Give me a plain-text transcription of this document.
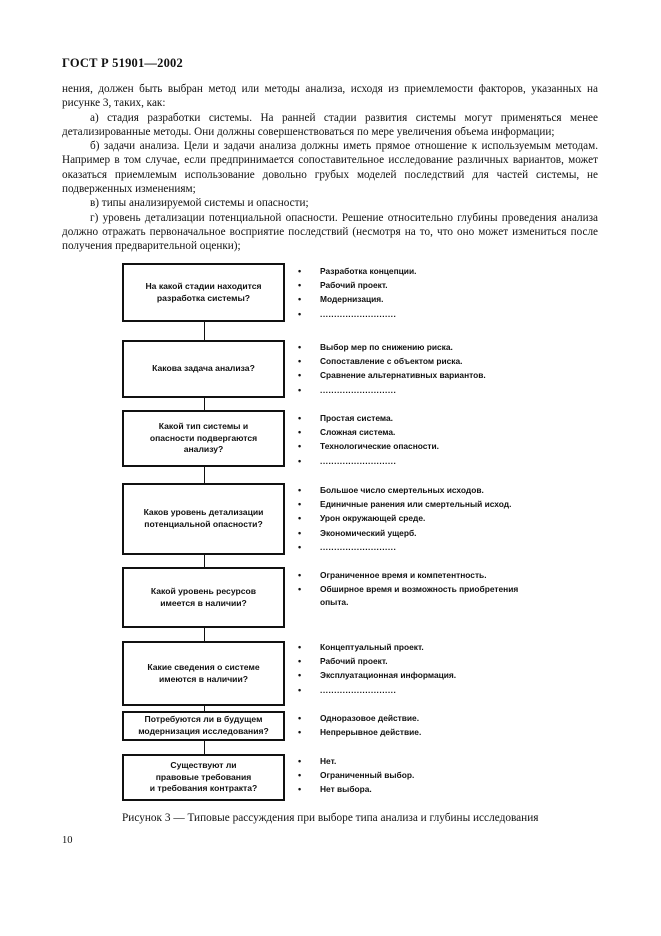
ГОСТ Р 51901—2002

нения, должен быть выбран метод или методы анализа, исходя из приемлемости факторов, указанных на рисунке 3, таких, как:

а) стадия разработки системы. На ранней стадии развития системы могут применяться менее детализированные методы. Они должны совершенствоваться по мере увеличения объема информации;

б) задачи анализа. Цели и задачи анализа должны иметь прямое отношение к используемым методам. Например в том случае, если предпринимается сопоставительное исследование различных вариантов, может оказаться приемлемым использование довольно грубых моделей последствий для частей системы, не подверженных изменениям;

в) типы анализируемой системы и опасности;

г) уровень детализации потенциальной опасности. Решение относительно глубины проведения анализа должно отражать первоначальное восприятие последствий (несмотря на то, что оно может измениться после получения предварительной оценки);

На какой стадии находится
разработка системы?
•	Разработка концепции.
•	Рабочий проект.
•	Модернизация.
•	...........................
Какова задача анализа?
•	Выбор мер по снижению риска.
•	Сопоставление с объектом риска.
•	Сравнение альтернативных вариантов.
•	...........................
Какой тип системы и
опасности подвергаются
анализу?
•	Простая система.
•	Сложная система.
•	Технологические опасности.
•	...........................
Каков уровень детализации
потенциальной опасности?
•	Большое число смертельных исходов.
•	Единичные ранения или смертельный исход.
•	Урон окружающей среде.
•	Экономический ущерб.
•	...........................
Какой уровень ресурсов
имеется в наличии?
•	Ограниченное время и компетентность.
•	Обширное время и возможность приобретения опыта.
Какие сведения о системе
имеются в наличии?
•	Концептуальный проект.
•	Рабочий проект.
•	Эксплуатационная информация.
•	...........................
Потребуются ли в будущем
модернизация исследования?
•	Одноразовое действие.
•	Непрерывное действие.
Существуют ли
правовые требования
и требования контракта?
•	Нет.
•	Ограниченный выбор.
•	Нет выбора.
Рисунок 3 — Типовые рассуждения при выборе типа анализа и глубины исследования
10
